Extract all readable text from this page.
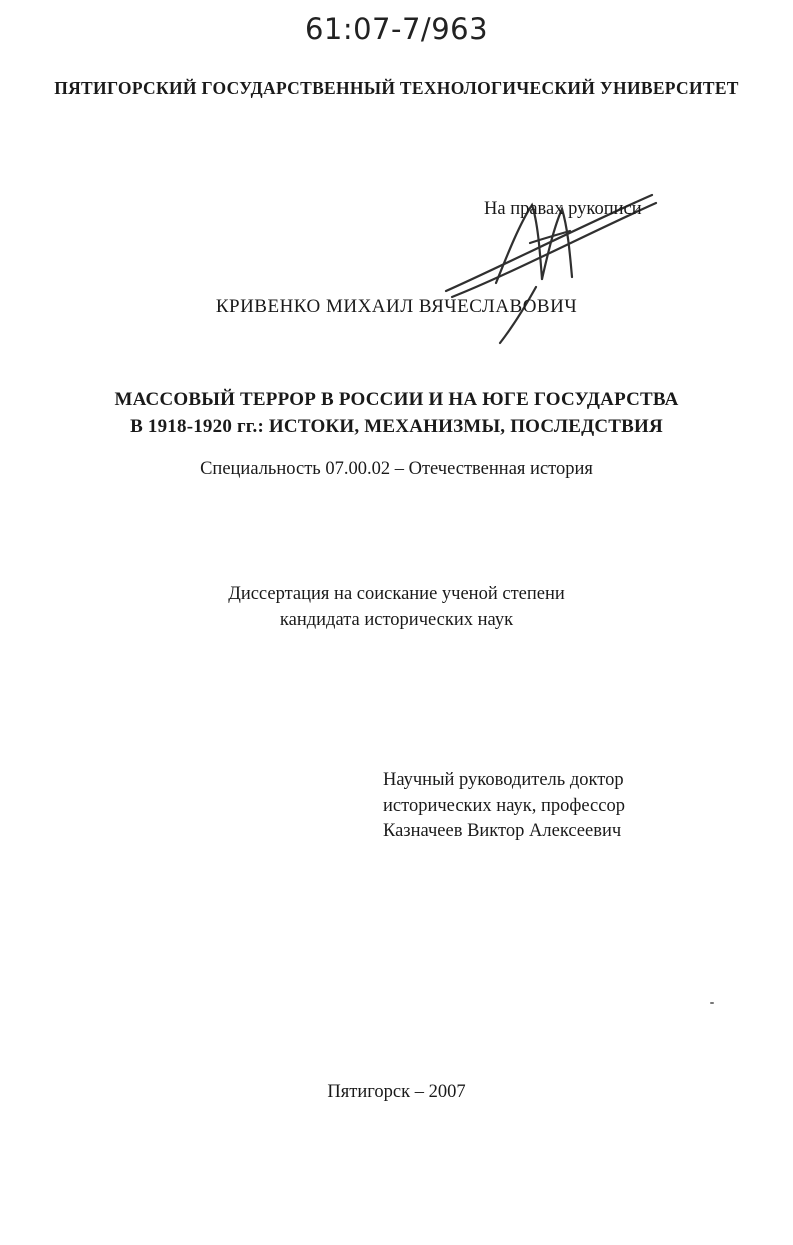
61:07-7/963
ПЯТИГОРСКИЙ ГОСУДАРСТВЕННЫЙ ТЕХНОЛОГИЧЕСКИЙ УНИВЕРСИТЕТ
На правах рукописи
КРИВЕНКО МИХАИЛ ВЯЧЕСЛАВОВИЧ
МАССОВЫЙ ТЕРРОР В РОССИИ И НА ЮГЕ ГОСУДАРСТВА
В 1918-1920 гг.: ИСТОКИ, МЕХАНИЗМЫ, ПОСЛЕДСТВИЯ
Специальность 07.00.02 – Отечественная история
Диссертация на соискание ученой степени
кандидата исторических наук
Научный руководитель доктор
исторических наук, профессор
Казначеев Виктор Алексеевич
Пятигорск – 2007
